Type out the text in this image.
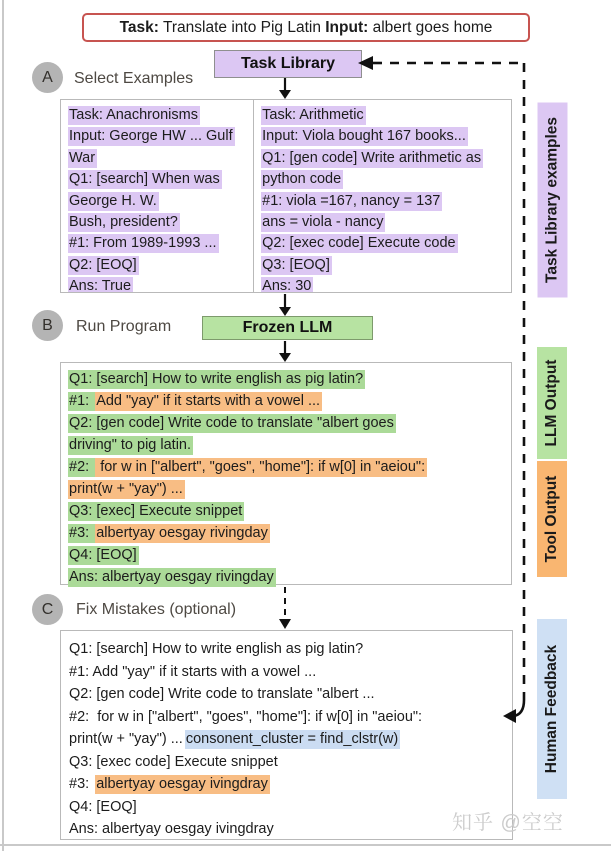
Task: Translate into Pig Latin Input: albert goes home
A	Select Examples
Task Library
Task: Anachronisms
Input: George HW ... Gulf
War
Q1: [search] When was
George H. W.
Bush, president?
#1: From 1989-1993 ...
Q2: [EOQ]
Ans: True
Task: Arithmetic
Input: Viola bought 167 books...
Q1: [gen code] Write arithmetic as
python code
#1: viola =167, nancy = 137
ans = viola - nancy
Q2: [exec code] Execute code
Q3: [EOQ]
Ans: 30
B	Run Program	Frozen LLM
Q1: [search] How to write english as pig latin?
#1: Add "yay" if it starts with a vowel ...
Q2: [gen code] Write code to translate "albert goes
driving" to pig latin.
#2:  for w in ["albert", "goes", "home"]: if w[0] in "aeiou":
print(w + "yay") ...
Q3: [exec] Execute snippet
#3: albertyay oesgay rivingday
Q4: [EOQ]
Ans: albertyay oesgay rivingday
C	Fix Mistakes (optional)
Q1: [search] How to write english as pig latin?
#1: Add "yay" if it starts with a vowel ...
Q2: [gen code] Write code to translate "albert ...
#2:  for w in ["albert", "goes", "home"]: if w[0] in "aeiou":
print(w + "yay") ... consonent_cluster = find_clstr(w)
Q3: [exec code] Execute snippet
#3: albertyay oesgay ivingdray
Q4: [EOQ]
Ans: albertyay oesgay ivingdray
Task Library examples
LLM Output
Tool Output
Human Feedback
知乎 @空空
